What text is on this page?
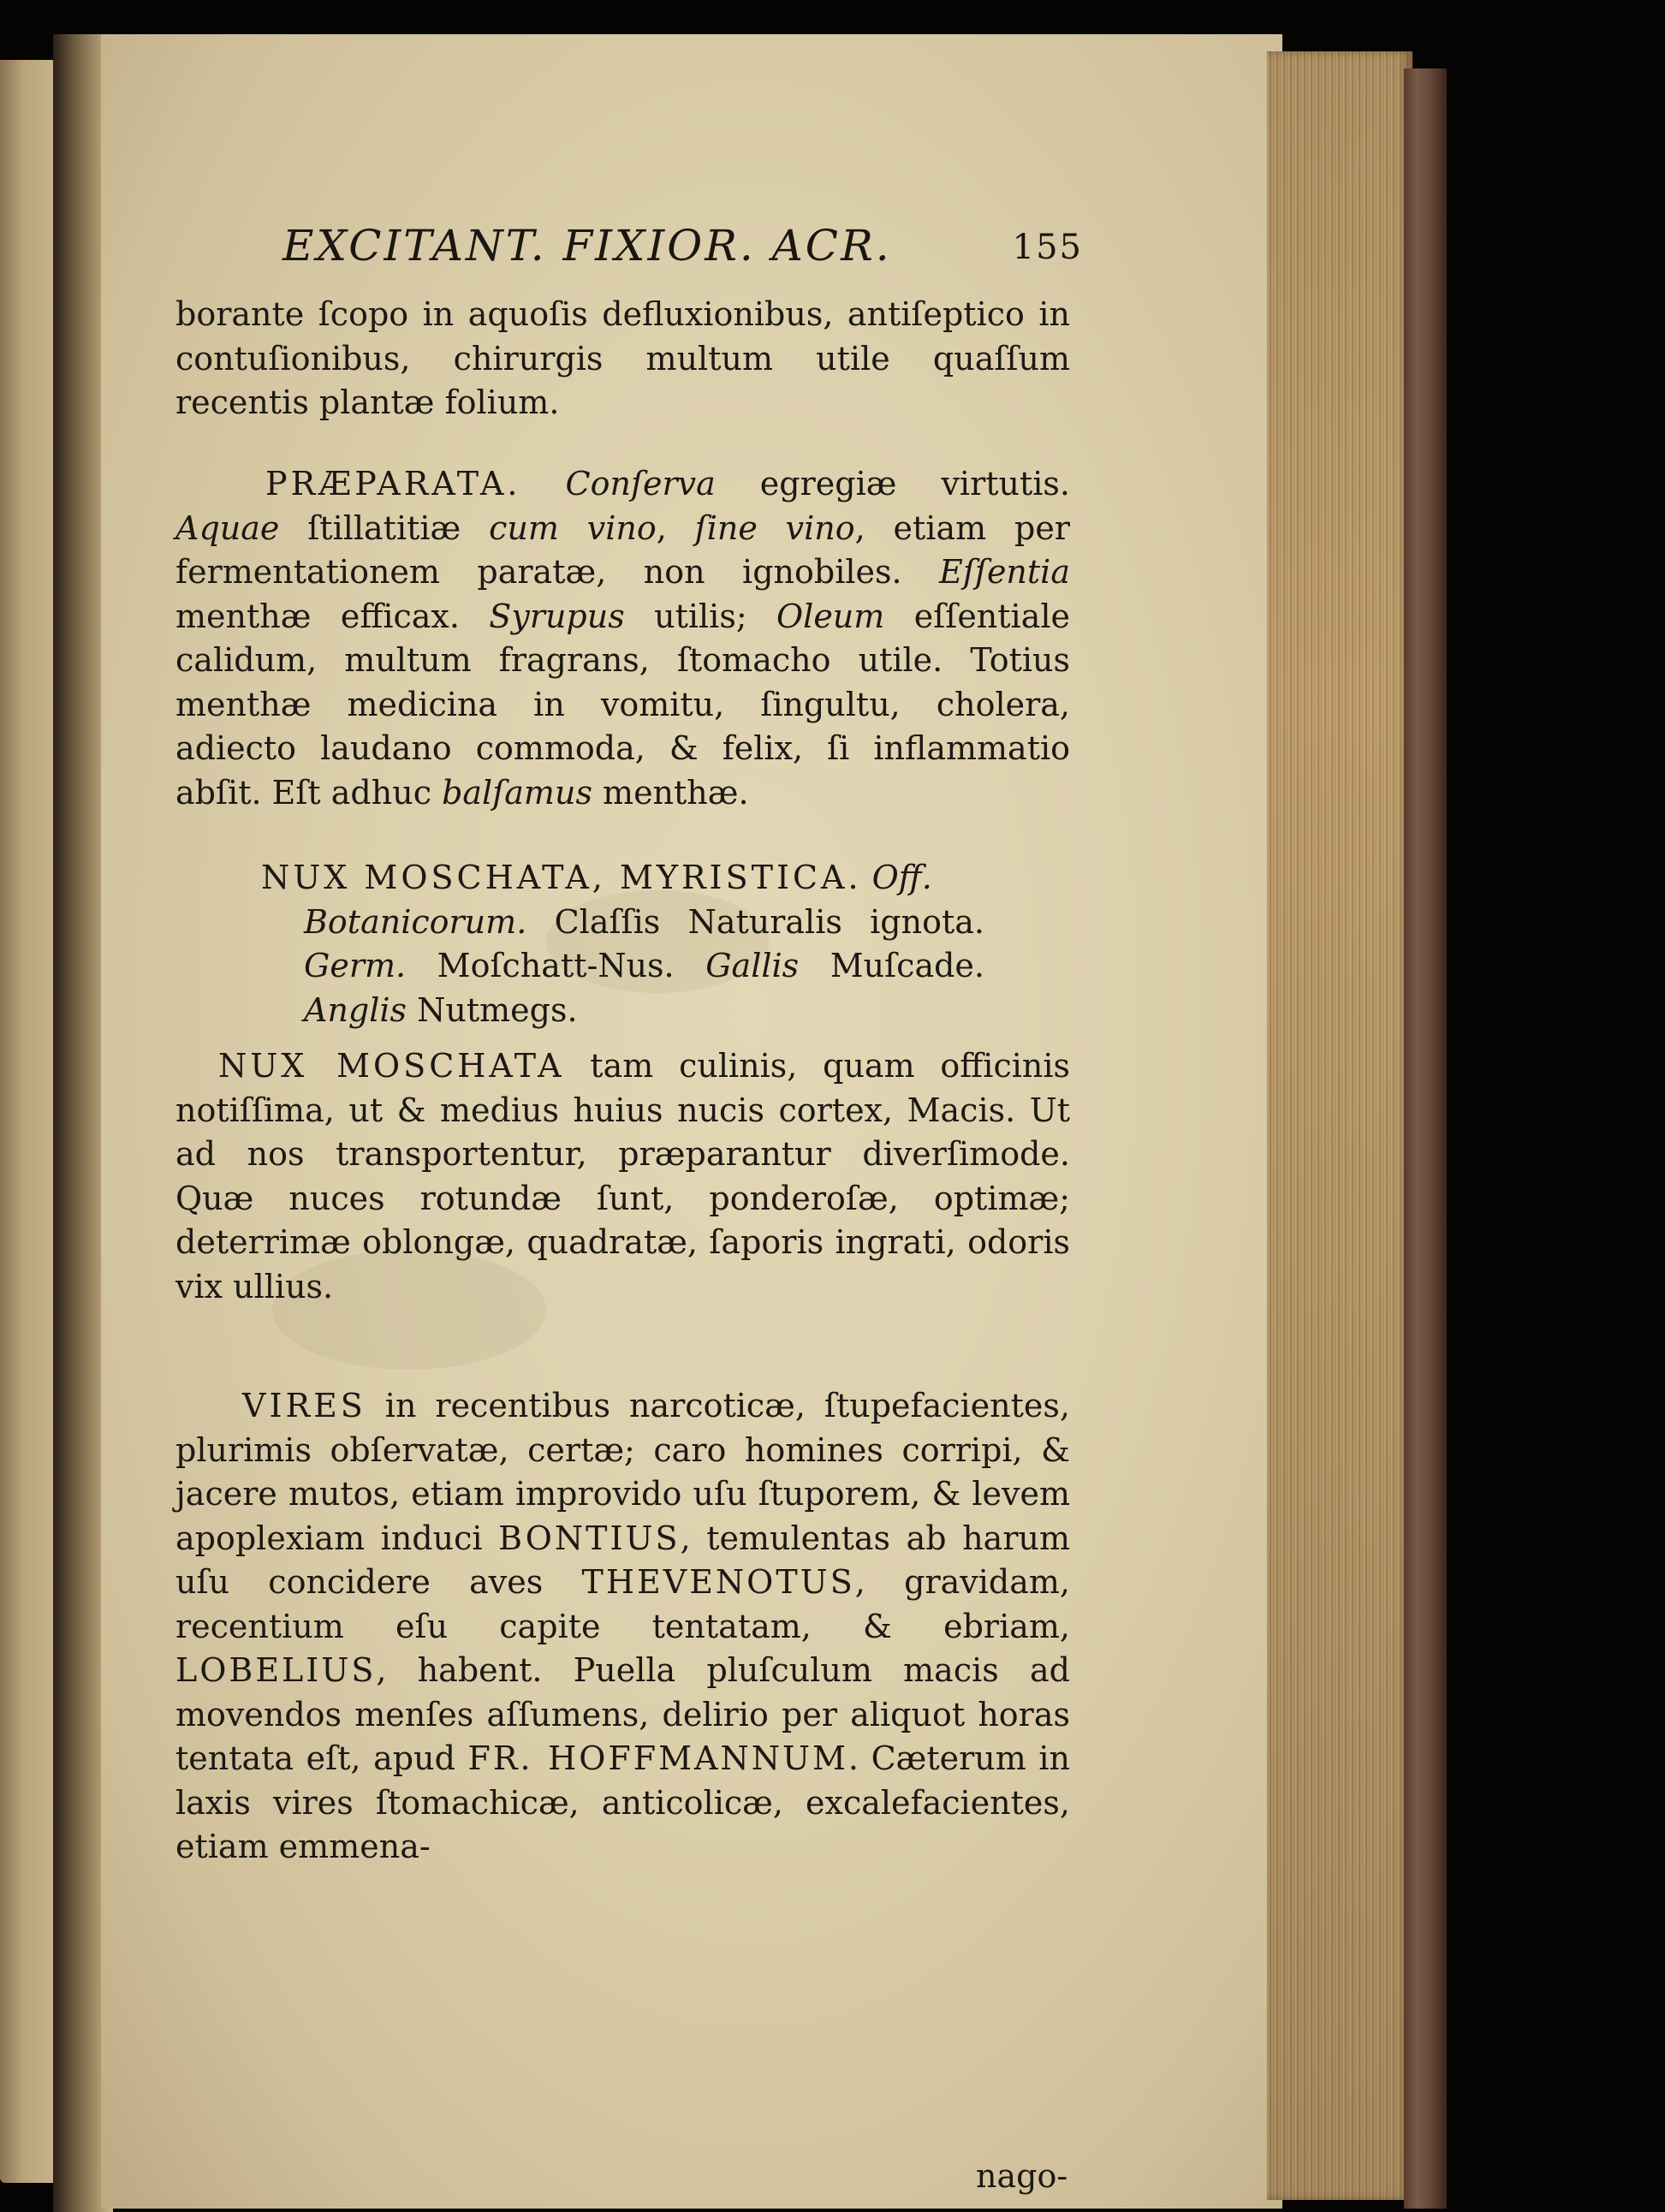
EXCITANT. FIXIOR. ACR.	155
borante ſcopo in aquoſis defluxionibus, antiſeptico in contuſionibus, chirurgis multum utile quaſſum recentis plantæ folium.
PRÆPARATA. Conſerva egregiæ virtutis. Aquae ſtillatitiæ cum vino, ſine vino, etiam per fermentationem paratæ, non ignobiles. Eſſentia menthæ efficax. Syrupus utilis; Oleum eſſentiale calidum, multum fragrans, ſtomacho utile. Totius menthæ medicina in vomitu, ſingultu, cholera, adiecto laudano commoda, & felix, ſi inflammatio abſit. Eſt adhuc balſamus menthæ.
NUX MOSCHATA, MYRISTICA. Off.
Botanicorum. Claſſis Naturalis ignota. Germ. Moſchatt-Nus. Gallis Muſcade. Anglis Nutmegs.
NUX MOSCHATA tam culinis, quam officinis notiſſima, ut & medius huius nucis cortex, Macis. Ut ad nos transportentur, præparantur diverſimode. Quæ nuces rotundæ ſunt, ponderoſæ, optimæ; deterrimæ oblongæ, quadratæ, ſaporis ingrati, odoris vix ullius.
VIRES in recentibus narcoticæ, ſtupefacientes, plurimis obſervatæ, certæ; caro homines corripi, & jacere mutos, etiam improvido uſu ſtuporem, & levem apoplexiam induci BONTIUS, temulentas ab harum uſu concidere aves THEVENOTUS, gravidam, recentium eſu capite tentatam, & ebriam, LOBELIUS, habent. Puella pluſculum macis ad movendos menſes aſſumens, delirio per aliquot horas tentata eſt, apud FR. HOFFMANNUM. Cæterum in laxis vires ſtomachicæ, anticolicæ, excalefacientes, etiam emmena-
nago-
